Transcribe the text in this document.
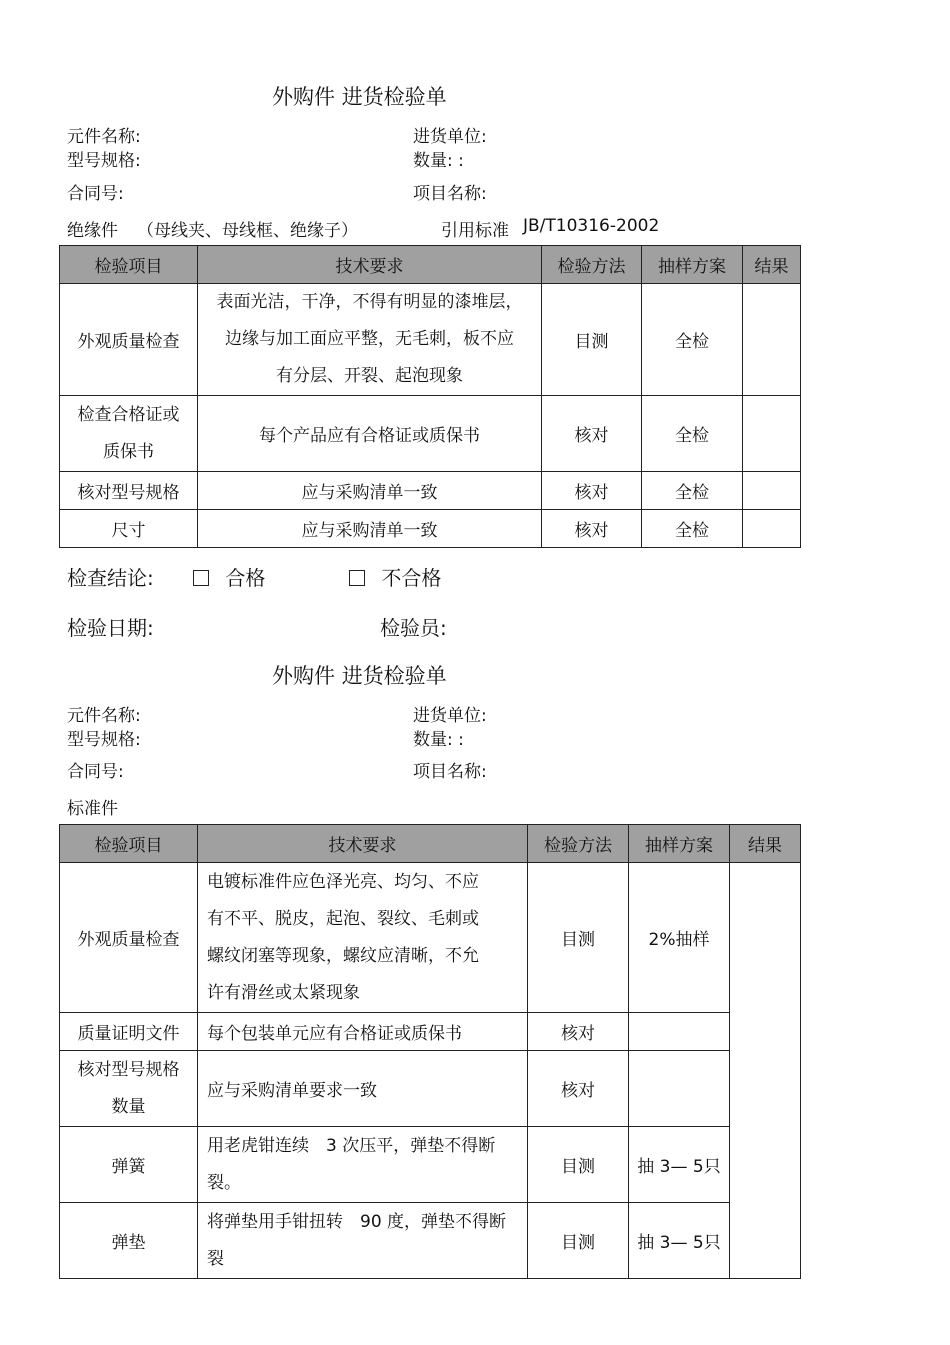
外购件 进货检验单
元件名称:	进货单位:
型号规格:	数量: :
合同号:	项目名称:
绝缘件 （母线夹、母线框、绝缘子）	引用标准 JB/T10316-2002
检验项目	技术要求	检验方法	抽样方案	结果
外观质量检查	表面光洁，干净，不得有明显的漆堆层，
边缘与加工面应平整，无毛刺，板不应
有分层、开裂、起泡现象	目测	全检	

检查合格证或
质保书	每个产品应有合格证或质保书	核对	全检	
核对型号规格	应与采购清单一致	核对	全检	
尺寸	应与采购清单一致	核对	全检	
检查结论:	合格	不合格
检验日期:	检验员:
外购件 进货检验单
元件名称:	进货单位:
型号规格:	数量: :
合同号:	项目名称:
标准件
检验项目	技术要求	检验方法	抽样方案	结果
外观质量检查	电镀标准件应色泽光亮、均匀、不应
有不平、脱皮，起泡、裂纹、毛刺或
螺纹闭塞等现象，螺纹应清晰，不允
许有滑丝或太紧现象	目测	2%抽样	
质量证明文件	每个包装单元应有合格证或质保书	核对		

核对型号规格
数量	应与采购清单要求一致	核对		
弹簧	用老虎钳连续　3 次压平，弹垫不得断
裂。	目测	抽 3— 5只	
弹垫	将弹垫用手钳扭转　90 度，弹垫不得断
裂	目测	抽 3— 5只	
